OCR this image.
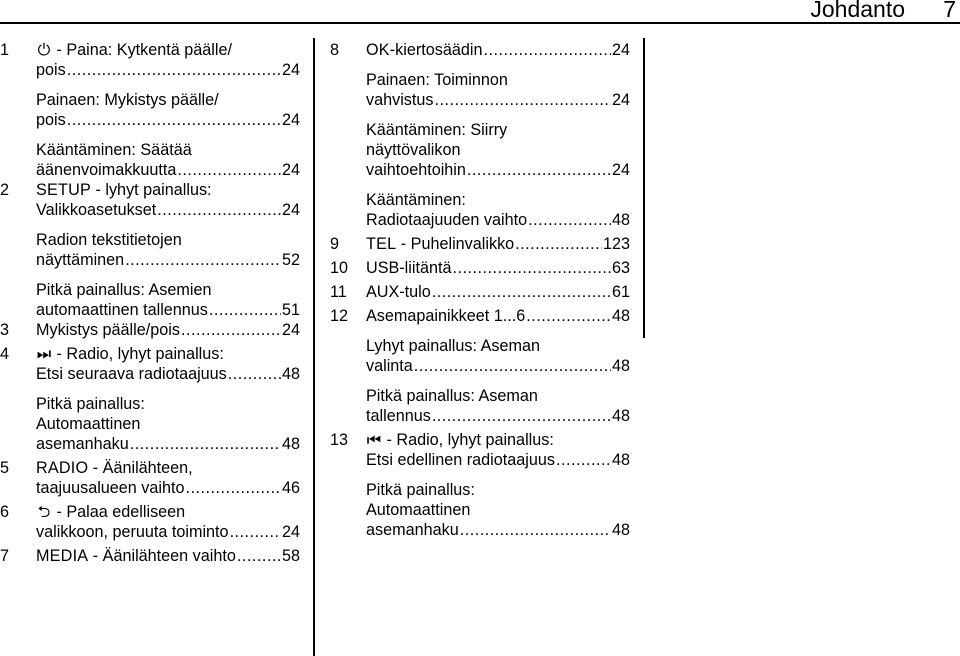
Johdanto 7
1	⏻ - Paina: Kytkentä päälle/
pois .....	24
Painaen: Mykistys päälle/
pois .....	24
Kääntäminen: Säätää
äänenvoimakkuutta .....	24
2	SETUP - lyhyt painallus:
Valikkoasetukset .....	24
Radion tekstitietojen
näyttäminen .....	52
Pitkä painallus: Asemien
automaattinen tallennus .....	51
3	Mykistys päälle/pois .....	24
4	⏭ - Radio, lyhyt painallus:
Etsi seuraava radiotaajuus .....	48
Pitkä painallus:
Automaattinen
asemanhaku .....	48
5	RADIO - Äänilähteen,
taajuusalueen vaihto .....	46
6	⮌ - Palaa edelliseen
valikkoon, peruuta toiminto .....	24
7	MEDIA - Äänilähteen vaihto .....	58
8	OK-kiertosäädin .....	24
Painaen: Toiminnon
vahvistus .....	24
Kääntäminen: Siirry
näyttövalikon
vaihtoehtoihin .....	24
Kääntäminen:
Radiotaajuuden vaihto .....	48
9	TEL - Puhelinvalikko .....	123
10	USB-liitäntä .....	63
11	AUX-tulo .....	61
12	Asemapainikkeet 1...6 .....	48
Lyhyt painallus: Aseman
valinta .....	48
Pitkä painallus: Aseman
tallennus .....	48
13	⏮ - Radio, lyhyt painallus:
Etsi edellinen radiotaajuus .....	48
Pitkä painallus:
Automaattinen
asemanhaku .....	48
